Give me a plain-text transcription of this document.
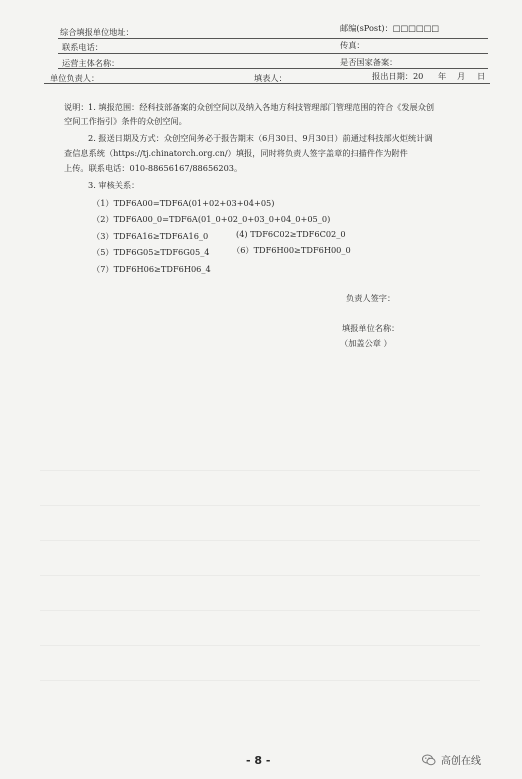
综合填报单位地址：	邮编(sPost)：□□□□□□
联系电话：	传真：
运营主体名称：	是否国家备案：
单位负责人：	填表人：	报出日期：20 年 月 日
说明： 1. 填报范围：经科技部备案的众创空间以及纳入各地方科技管理部门管理范围的符合《发展众创
空间工作指引》条件的众创空间。
2. 报送日期及方式：众创空间务必于报告期末（6月30日、9月30日）前通过科技部火炬统计调
查信息系统（https://tj.chinatorch.org.cn/）填报，同时将负责人签字盖章的扫描件作为附件
上传。联系电话：010-88656167/88656203。
3. 审核关系：
（1）TDF6A00=TDF6A(01+02+03+04+05)
（2）TDF6A00_0=TDF6A(01_0+02_0+03_0+04_0+05_0)
（3）TDF6A16≥TDF6A16_0	(4) TDF6C02≥TDF6C02_0
（5）TDF6G05≥TDF6G05_4	（6）TDF6H00≥TDF6H00_0
（7）TDF6H06≥TDF6H06_4
负责人签字：
填报单位名称：
（加盖公章 ）
- 8 -	高创在线
